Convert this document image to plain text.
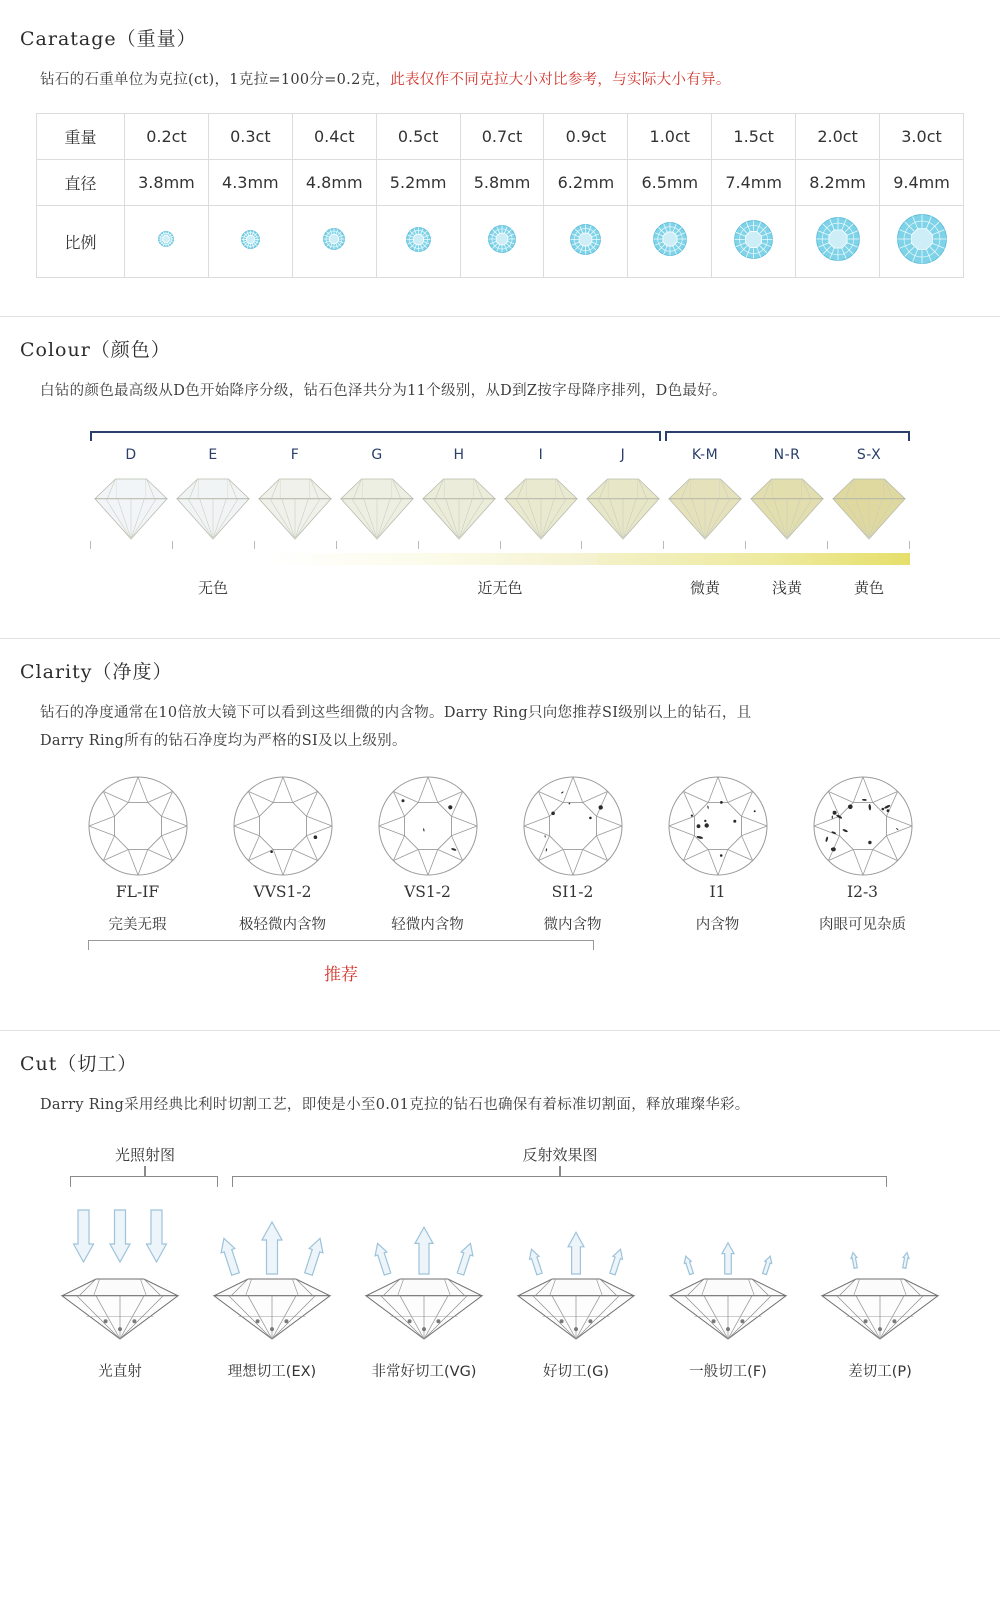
Caratage（重量）
钻石的石重单位为克拉(ct)，1克拉=100分=0.2克，此表仅作不同克拉大小对比参考，与实际大小有异。
重量	0.2ct	0.3ct	0.4ct	0.5ct	0.7ct	0.9ct	1.0ct	1.5ct	2.0ct	3.0ct
直径	3.8mm	4.3mm	4.8mm	5.2mm	5.8mm	6.2mm	6.5mm	7.4mm	8.2mm	9.4mm
比例	

Colour（颜色）
白钻的颜色最高级从D色开始降序分级，钻石色泽共分为11个级别，从D到Z按字母降序排列，D色最好。
D	E	F	G	H	I	J	K-M	N-R	S-X
无色	近无色	微黄	浅黄	黄色
Clarity（净度）
钻石的净度通常在10倍放大镜下可以看到这些细微的内含物。Darry Ring只向您推荐SI级别以上的钻石，且
Darry Ring所有的钻石净度均为严格的SI及以上级别。
FL-IF
完美无瑕
VVS1-2
极轻微内含物
VS1-2
轻微内含物
SI1-2
微内含物
I1
内含物
I2-3
肉眼可见杂质
推荐
Cut（切工）
Darry Ring采用经典比利时切割工艺，即使是小至0.01克拉的钻石也确保有着标准切割面，释放璀璨华彩。
光照射图	反射效果图
光直射	理想切工(EX)	非常好切工(VG)	好切工(G)	一般切工(F)	差切工(P)
